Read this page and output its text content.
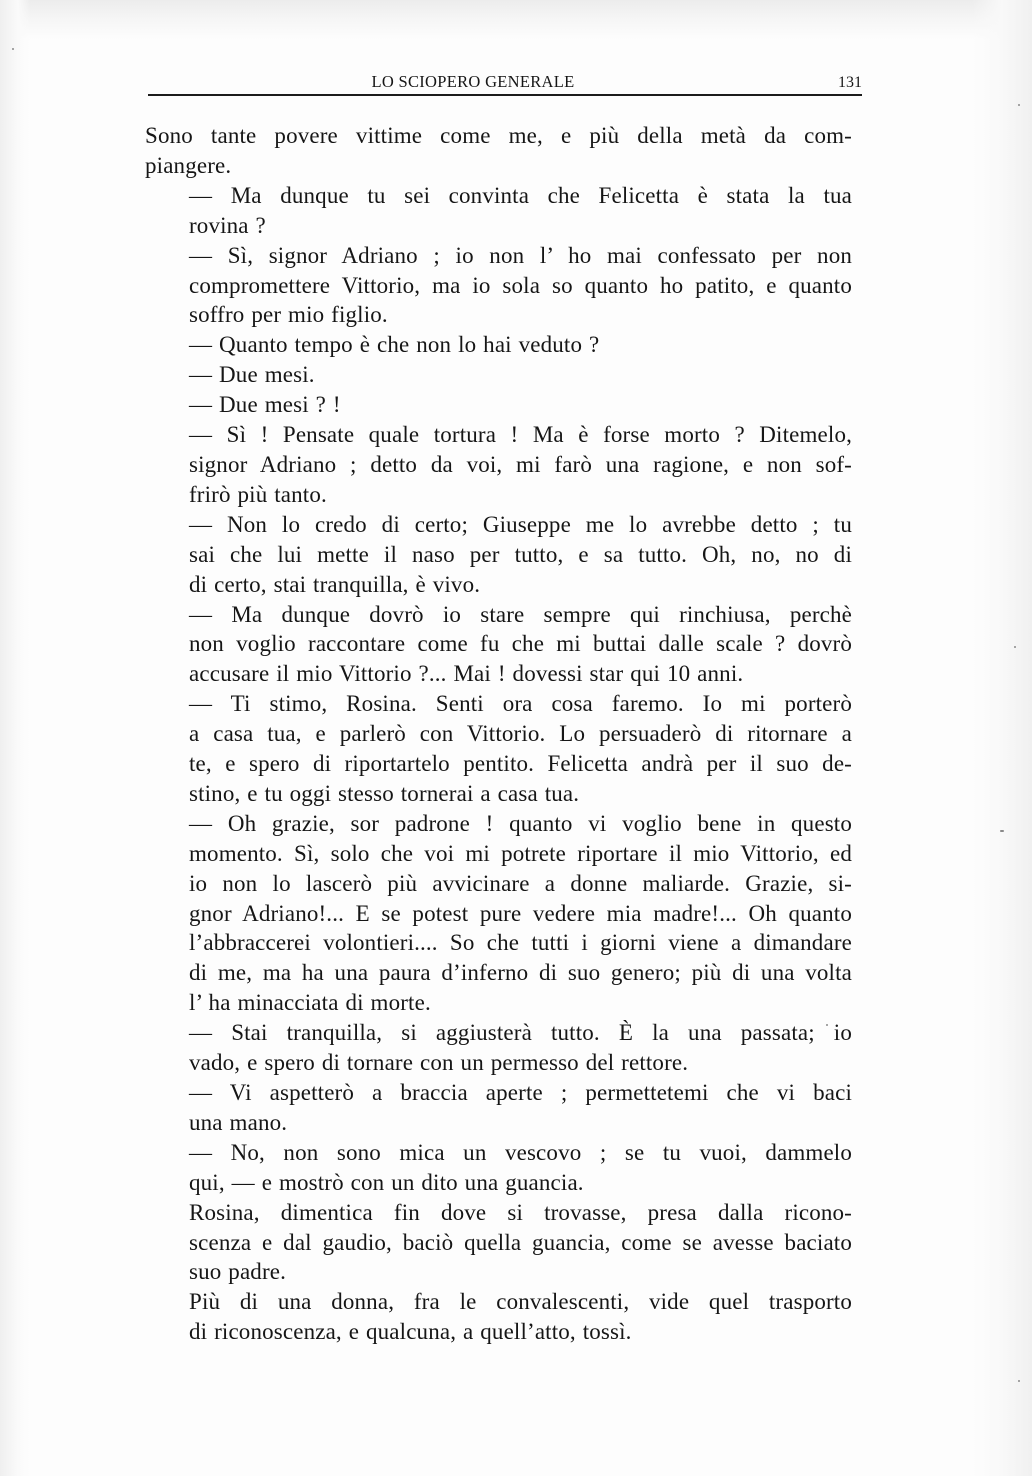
LO SCIOPERO GENERALE	131

Sono tante povere vittime come me, e più della metà da com-
piangere.

— Ma dunque tu sei convinta che Felicetta è stata la tua
rovina ?

— Sì, signor Adriano ; io non l’ ho mai confessato per non
compromettere Vittorio, ma io sola so quanto ho patito, e quanto
soffro per mio figlio.

— Quanto tempo è che non lo hai veduto ?

— Due mesi.

— Due mesi ? !

— Sì ! Pensate quale tortura ! Ma è forse morto ? Ditemelo,
signor Adriano ; detto da voi, mi farò una ragione, e non sof-
frirò più tanto.

— Non lo credo di certo; Giuseppe me lo avrebbe detto ; tu
sai che lui mette il naso per tutto, e sa tutto. Oh, no, no di
di certo, stai tranquilla, è vivo.

— Ma dunque dovrò io stare sempre qui rinchiusa, perchè
non voglio raccontare come fu che mi buttai dalle scale ? dovrò
accusare il mio Vittorio ?... Mai ! dovessi star qui 10 anni.

— Ti stimo, Rosina. Senti ora cosa faremo. Io mi porterò
a casa tua, e parlerò con Vittorio. Lo persuaderò di ritornare a
te, e spero di riportartelo pentito. Felicetta andrà per il suo de-
stino, e tu oggi stesso tornerai a casa tua.

— Oh grazie, sor padrone ! quanto vi voglio bene in questo
momento. Sì, solo che voi mi potrete riportare il mio Vittorio, ed
io non lo lascerò più avvicinare a donne maliarde. Grazie, si-
gnor Adriano!... E se potest pure vedere mia madre!... Oh quanto
l’abbraccerei volontieri.... So che tutti i giorni viene a dimandare
di me, ma ha una paura d’inferno di suo genero; più di una volta
l’ ha minacciata di morte.

— Stai tranquilla, si aggiusterà tutto. È la una passata; io
vado, e spero di tornare con un permesso del rettore.

— Vi aspetterò a braccia aperte ; permettetemi che vi baci
una mano.

— No, non sono mica un vescovo ; se tu vuoi, dammelo
qui, — e mostrò con un dito una guancia.

Rosina, dimentica fin dove si trovasse, presa dalla ricono-
scenza e dal gaudio, baciò quella guancia, come se avesse baciato
suo padre.

Più di una donna, fra le convalescenti, vide quel trasporto
di riconoscenza, e qualcuna, a quell’atto, tossì.
